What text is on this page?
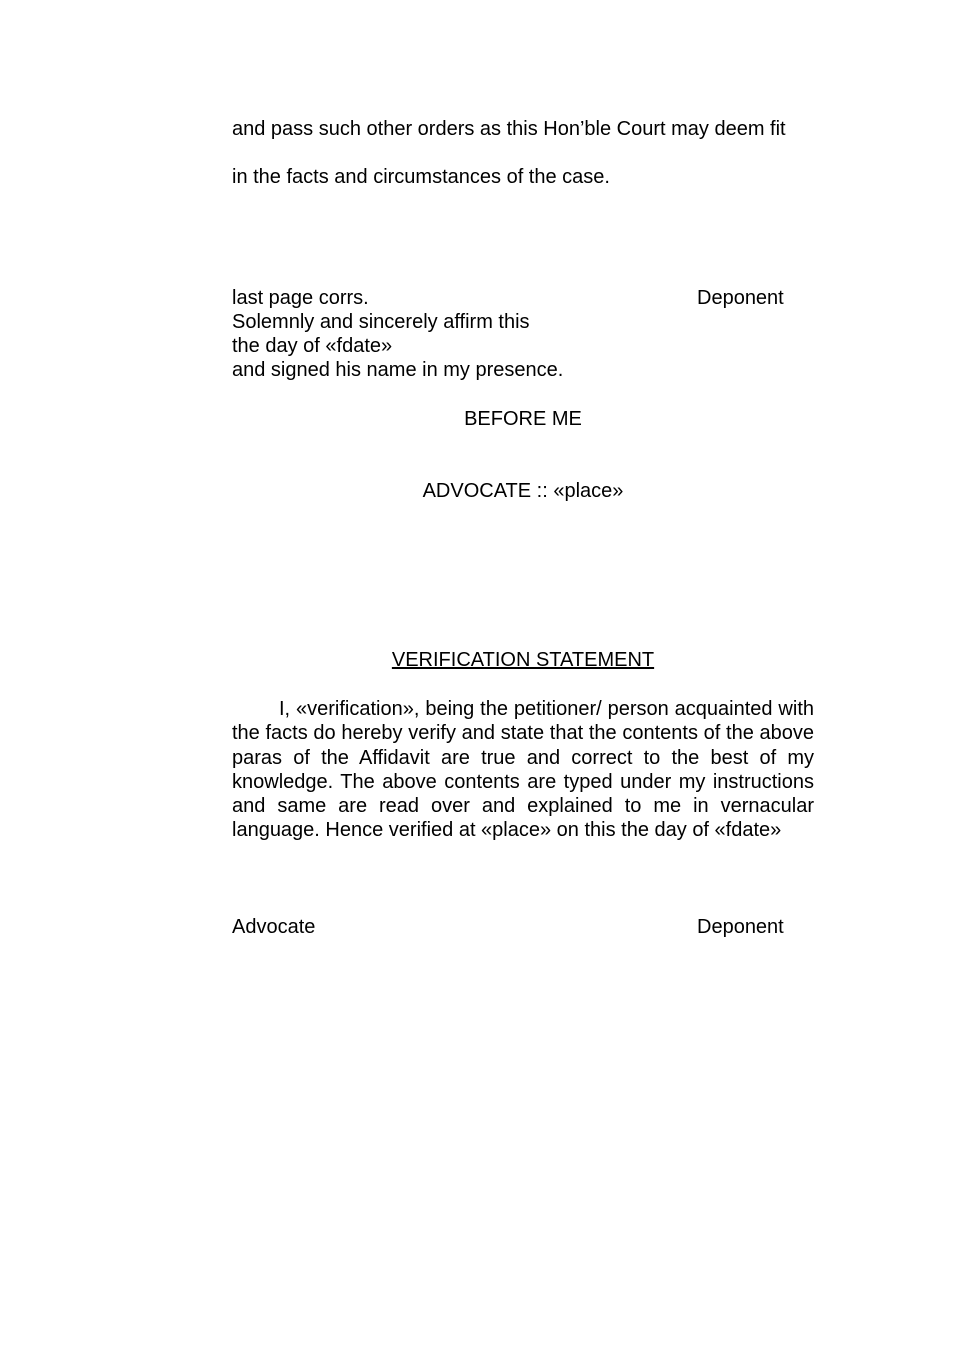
and pass such other orders as this Hon’ble Court may deem fit

in the facts and circumstances of the case.

last page corrs.	Deponent

Solemnly and sincerely affirm this

the day of «fdate»

and signed his name in my presence.

BEFORE ME

ADVOCATE :: «place»

VERIFICATION STATEMENT

I, «verification», being the petitioner/ person acquainted with the facts do hereby verify and state that the contents of the above paras of the Affidavit are true and correct to the best of my knowledge. The above contents are typed under my instructions and same are read over and explained to me in vernacular language. Hence verified at «place» on this the day of «fdate»

Advocate	Deponent
